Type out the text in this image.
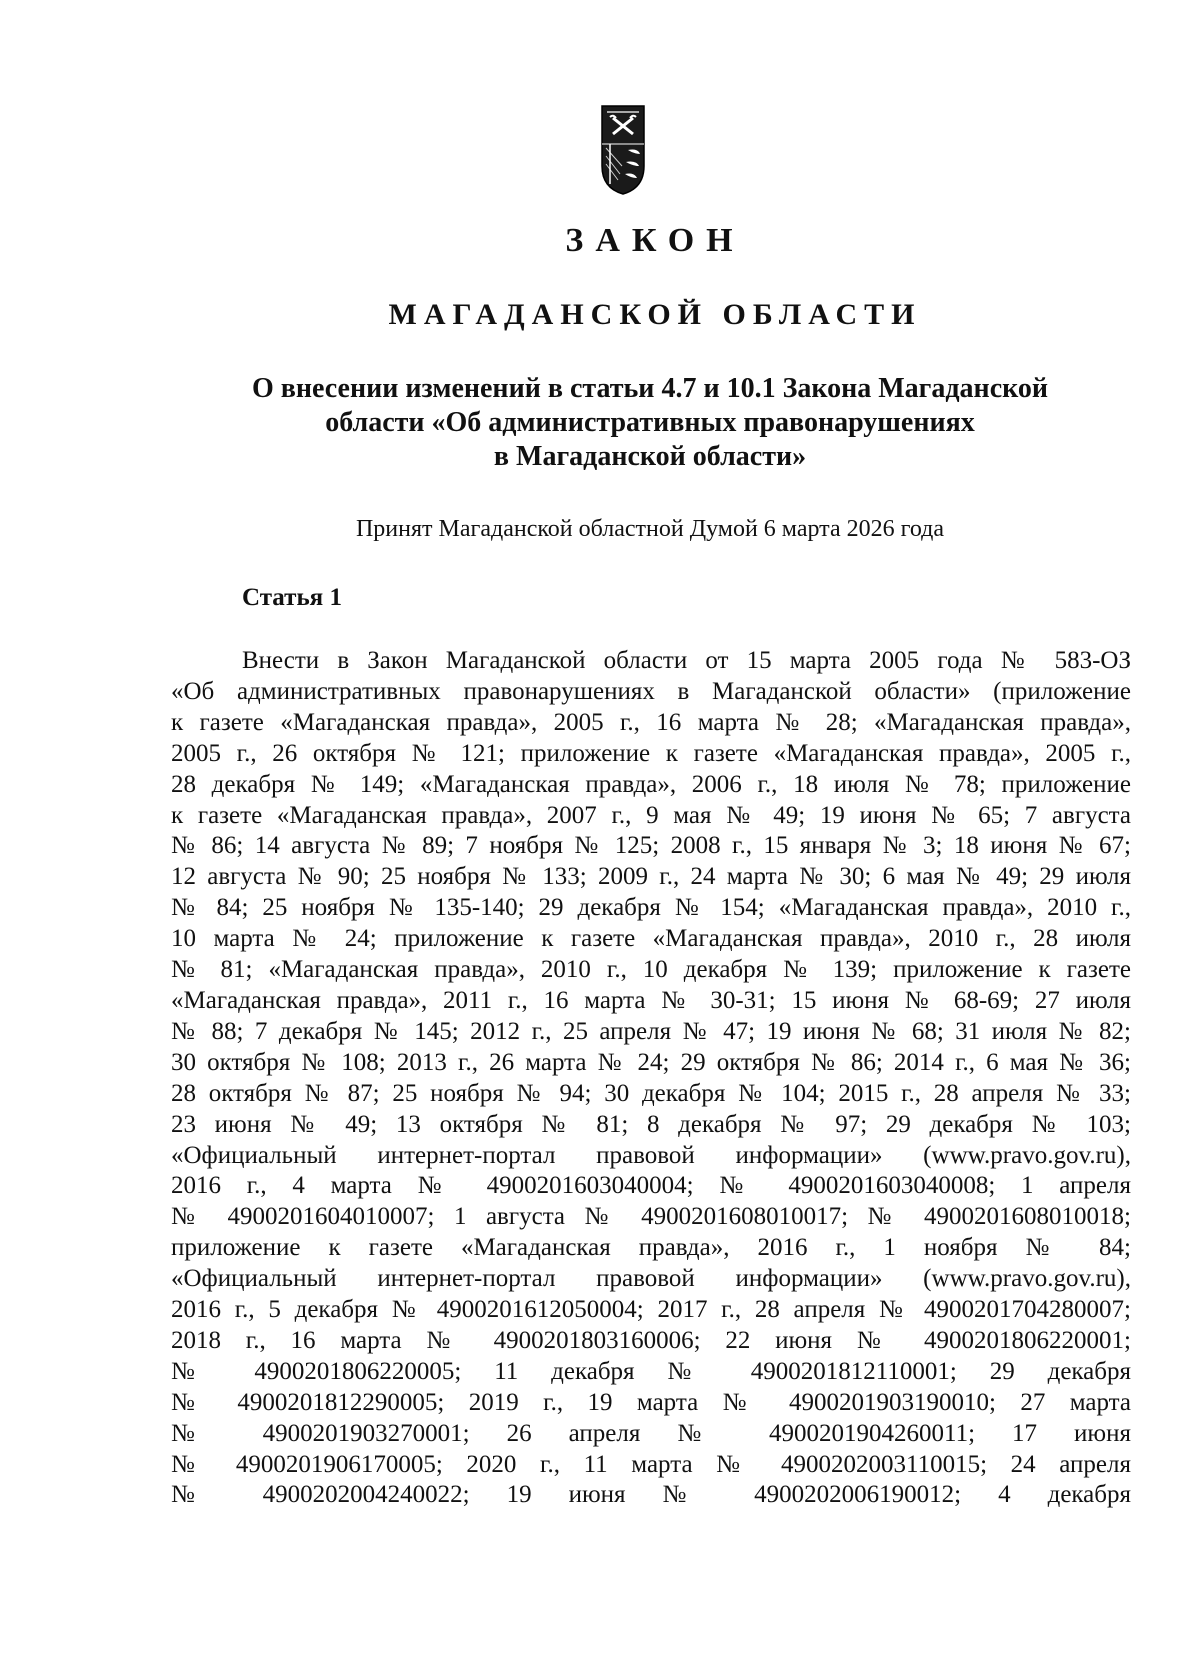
ЗАКОН
МАГАДАНСКОЙ ОБЛАСТИ
О внесении изменений в статьи 4.7 и 10.1 Закона Магаданской
области «Об административных правонарушениях
в Магаданской области»
Принят Магаданской областной Думой 6 марта 2026 года
Статья 1
Внести в Закон Магаданской области от 15 марта 2005 года № 583-ОЗ
«Об административных правонарушениях в Магаданской области» (приложение
к газете «Магаданская правда», 2005 г., 16 марта № 28; «Магаданская правда»,
2005 г., 26 октября № 121; приложение к газете «Магаданская правда», 2005 г.,
28 декабря № 149; «Магаданская правда», 2006 г., 18 июля № 78; приложение
к газете «Магаданская правда», 2007 г., 9 мая № 49; 19 июня № 65; 7 августа
№ 86; 14 августа № 89; 7 ноября № 125; 2008 г., 15 января № 3; 18 июня № 67;
12 августа № 90; 25 ноября № 133; 2009 г., 24 марта № 30; 6 мая № 49; 29 июля
№ 84; 25 ноября № 135-140; 29 декабря № 154; «Магаданская правда», 2010 г.,
10 марта № 24; приложение к газете «Магаданская правда», 2010 г., 28 июля
№ 81; «Магаданская правда», 2010 г., 10 декабря № 139; приложение к газете
«Магаданская правда», 2011 г., 16 марта № 30-31; 15 июня № 68-69; 27 июля
№ 88; 7 декабря № 145; 2012 г., 25 апреля № 47; 19 июня № 68; 31 июля № 82;
30 октября № 108; 2013 г., 26 марта № 24; 29 октября № 86; 2014 г., 6 мая № 36;
28 октября № 87; 25 ноября № 94; 30 декабря № 104; 2015 г., 28 апреля № 33;
23 июня № 49; 13 октября № 81; 8 декабря № 97; 29 декабря № 103;
«Официальный интернет-портал правовой информации» (www.pravo.gov.ru),
2016 г., 4 марта № 4900201603040004; № 4900201603040008; 1 апреля
№ 4900201604010007; 1 августа № 4900201608010017; № 4900201608010018;
приложение к газете «Магаданская правда», 2016 г., 1 ноября № 84;
«Официальный интернет-портал правовой информации» (www.pravo.gov.ru),
2016 г., 5 декабря № 4900201612050004; 2017 г., 28 апреля № 4900201704280007;
2018 г., 16 марта № 4900201803160006; 22 июня № 4900201806220001;
№ 4900201806220005; 11 декабря № 4900201812110001; 29 декабря
№ 4900201812290005; 2019 г., 19 марта № 4900201903190010; 27 марта
№ 4900201903270001; 26 апреля № 4900201904260011; 17 июня
№ 4900201906170005; 2020 г., 11 марта № 4900202003110015; 24 апреля
№ 4900202004240022; 19 июня № 4900202006190012; 4 декабря
